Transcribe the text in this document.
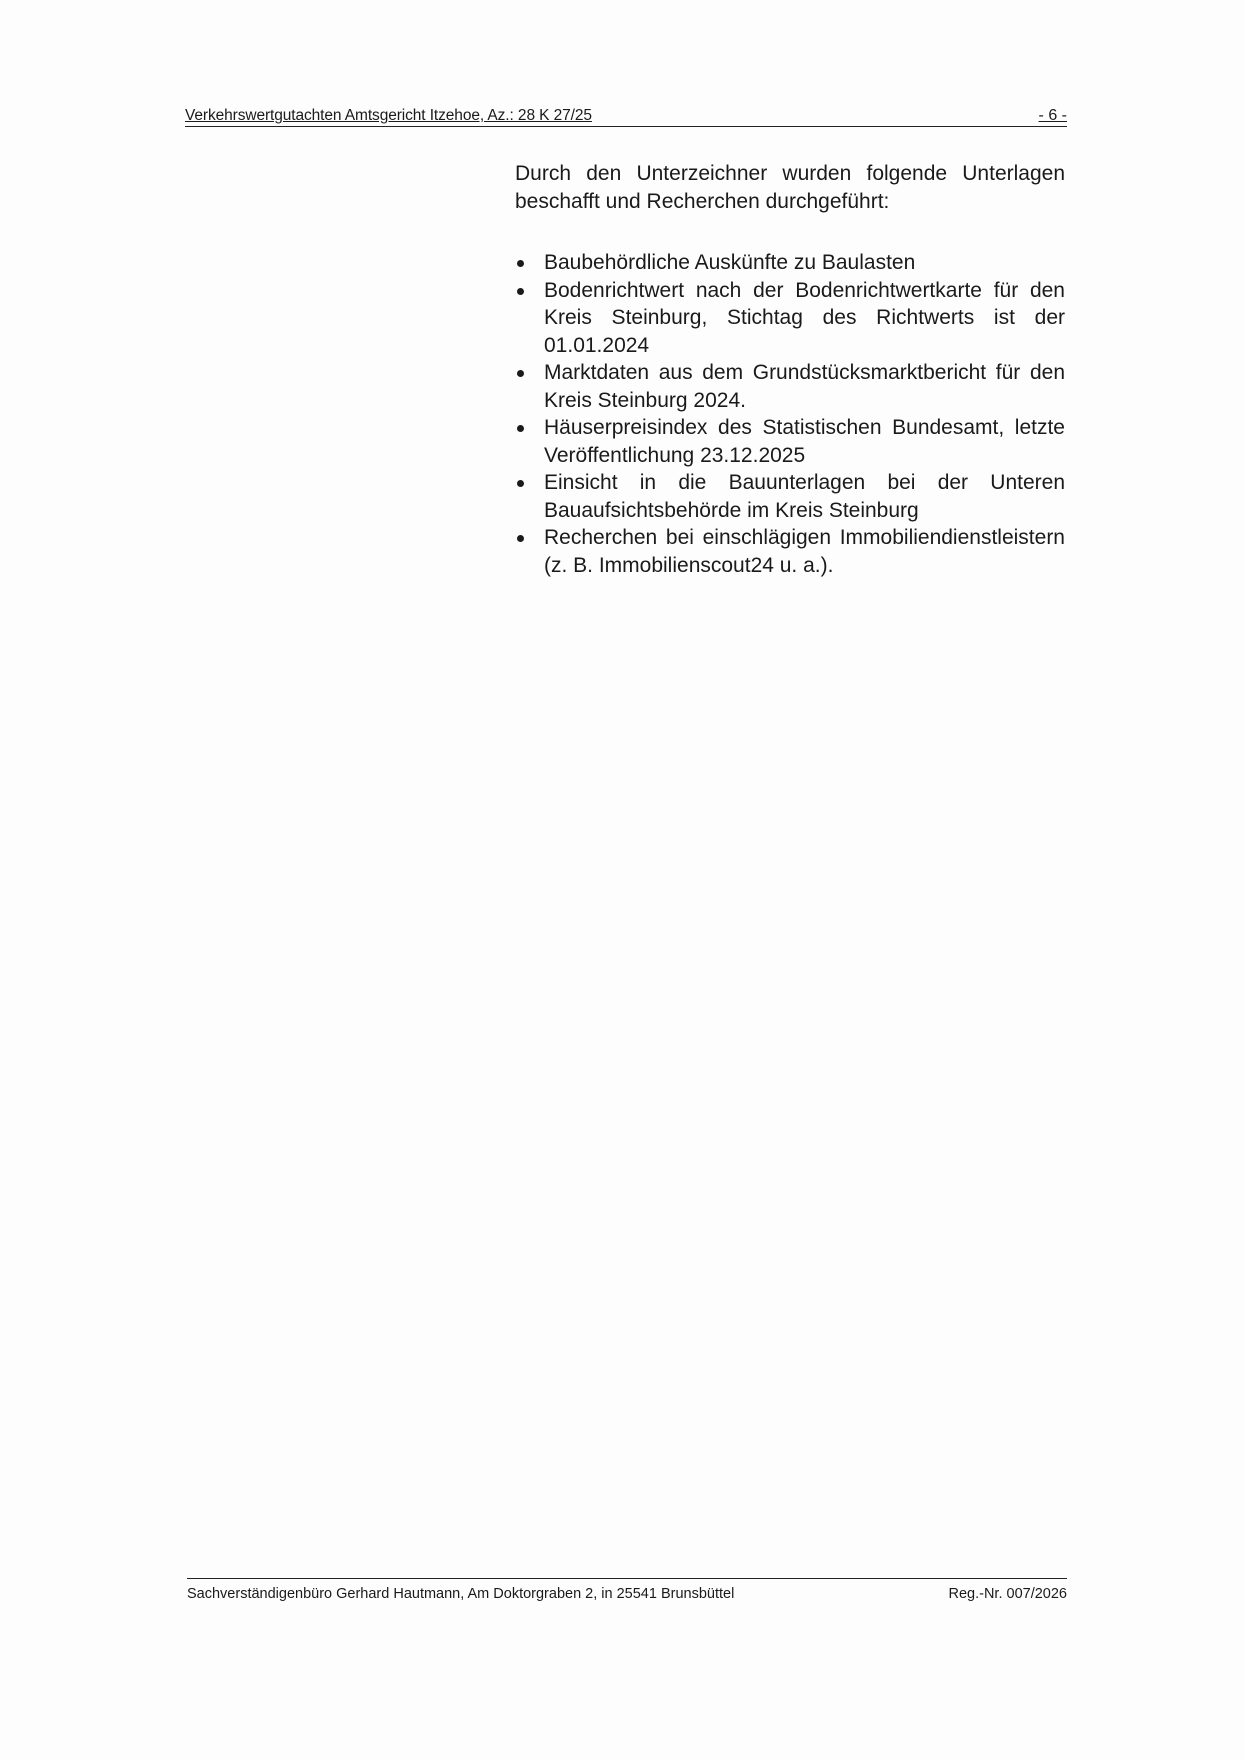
Verkehrswertgutachten Amtsgericht Itzehoe, Az.: 28 K 27/25	- 6 -

Durch den Unterzeichner wurden folgende Unterlagen beschafft und Recherchen durchgeführt:

Baubehördliche Auskünfte zu Baulasten
Bodenrichtwert nach der Bodenrichtwertkarte für den Kreis Steinburg, Stichtag des Richtwerts ist der 01.01.2024
Marktdaten aus dem Grundstücksmarktbericht für den Kreis Steinburg 2024.
Häuserpreisindex des Statistischen Bundesamt, letzte Veröffentlichung 23.12.2025
Einsicht in die Bauunterlagen bei der Unteren Bauaufsichtsbehörde im Kreis Steinburg
Recherchen bei einschlägigen Immobiliendienstleistern (z. B. Immobilienscout24 u. a.).
Sachverständigenbüro Gerhard Hautmann, Am Doktorgraben 2, in 25541 Brunsbüttel	Reg.-Nr. 007/2026
